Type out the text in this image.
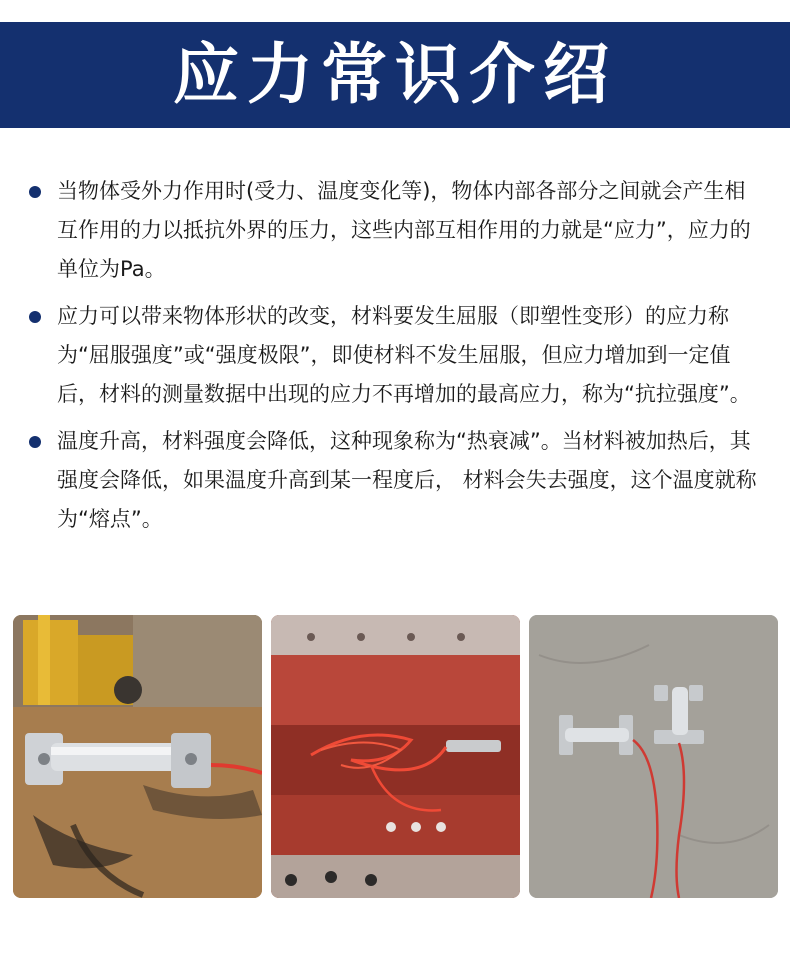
应力常识介绍
当物体受外力作用时(受力、温度变化等)，物体内部各部分之间就会产生相互作用的力以抵抗外界的压力，这些内部互相作用的力就是“应力”，应力的单位为Pa。
应力可以带来物体形状的改变，材料要发生屈服（即塑性变形）的应力称为“屈服强度”或“强度极限”，即使材料不发生屈服，但应力增加到一定值后，材料的测量数据中出现的应力不再增加的最高应力，称为“抗拉强度”。
温度升高，材料强度会降低，这种现象称为“热衰减”。当材料被加热后，其强度会降低，如果温度升高到某一程度后， 材料会失去强度，这个温度就称为“熔点”。
